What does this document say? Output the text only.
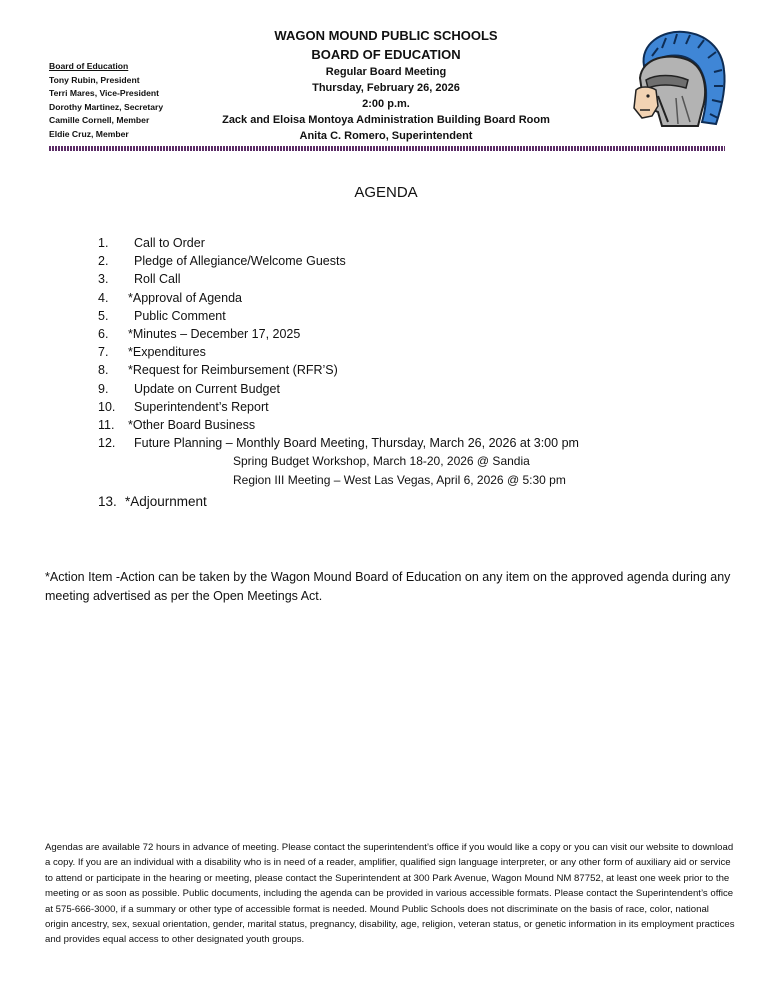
Board of Education
Tony Rubin, President
Terri Mares, Vice-President
Dorothy Martinez, Secretary
Camille Cornell, Member
Eldie Cruz, Member
WAGON MOUND PUBLIC SCHOOLS
BOARD OF EDUCATION
Regular Board Meeting
Thursday, February 26, 2026
2:00 p.m.
Zack and Eloisa Montoya Administration Building Board Room
Anita C. Romero, Superintendent
AGENDA
1. Call to Order
2. Pledge of Allegiance/Welcome Guests
3. Roll Call
4. *Approval of Agenda
5. Public Comment
6. *Minutes – December 17, 2025
7. *Expenditures
8. *Request for Reimbursement (RFR’S)
9. Update on Current Budget
10. Superintendent’s Report
11. *Other Board Business
12. Future Planning – Monthly Board Meeting, Thursday, March 26, 2026 at 3:00 pm
Spring Budget Workshop, March 18-20, 2026 @ Sandia
Region III Meeting – West Las Vegas, April 6, 2026 @ 5:30 pm
13. *Adjournment
*Action Item -Action can be taken by the Wagon Mound Board of Education on any item on the approved agenda during any meeting advertised as per the Open Meetings Act.
Agendas are available 72 hours in advance of meeting. Please contact the superintendent’s office if you would like a copy or you can visit our website to download a copy. If you are an individual with a disability who is in need of a reader, amplifier, qualified sign language interpreter, or any other form of auxiliary aid or service to attend or participate in the hearing or meeting, please contact the Superintendent at 300 Park Avenue, Wagon Mound NM 87752, at least one week prior to the meeting or as soon as possible. Public documents, including the agenda can be provided in various accessible formats. Please contact the Superintendent’s office at 575-666-3000, if a summary or other type of accessible format is needed. Mound Public Schools does not discriminate on the basis of race, color, national origin ancestry, sex, sexual orientation, gender, marital status, pregnancy, disability, age, religion, veteran status, or genetic information in its employment practices and provides equal access to other designated youth groups.
